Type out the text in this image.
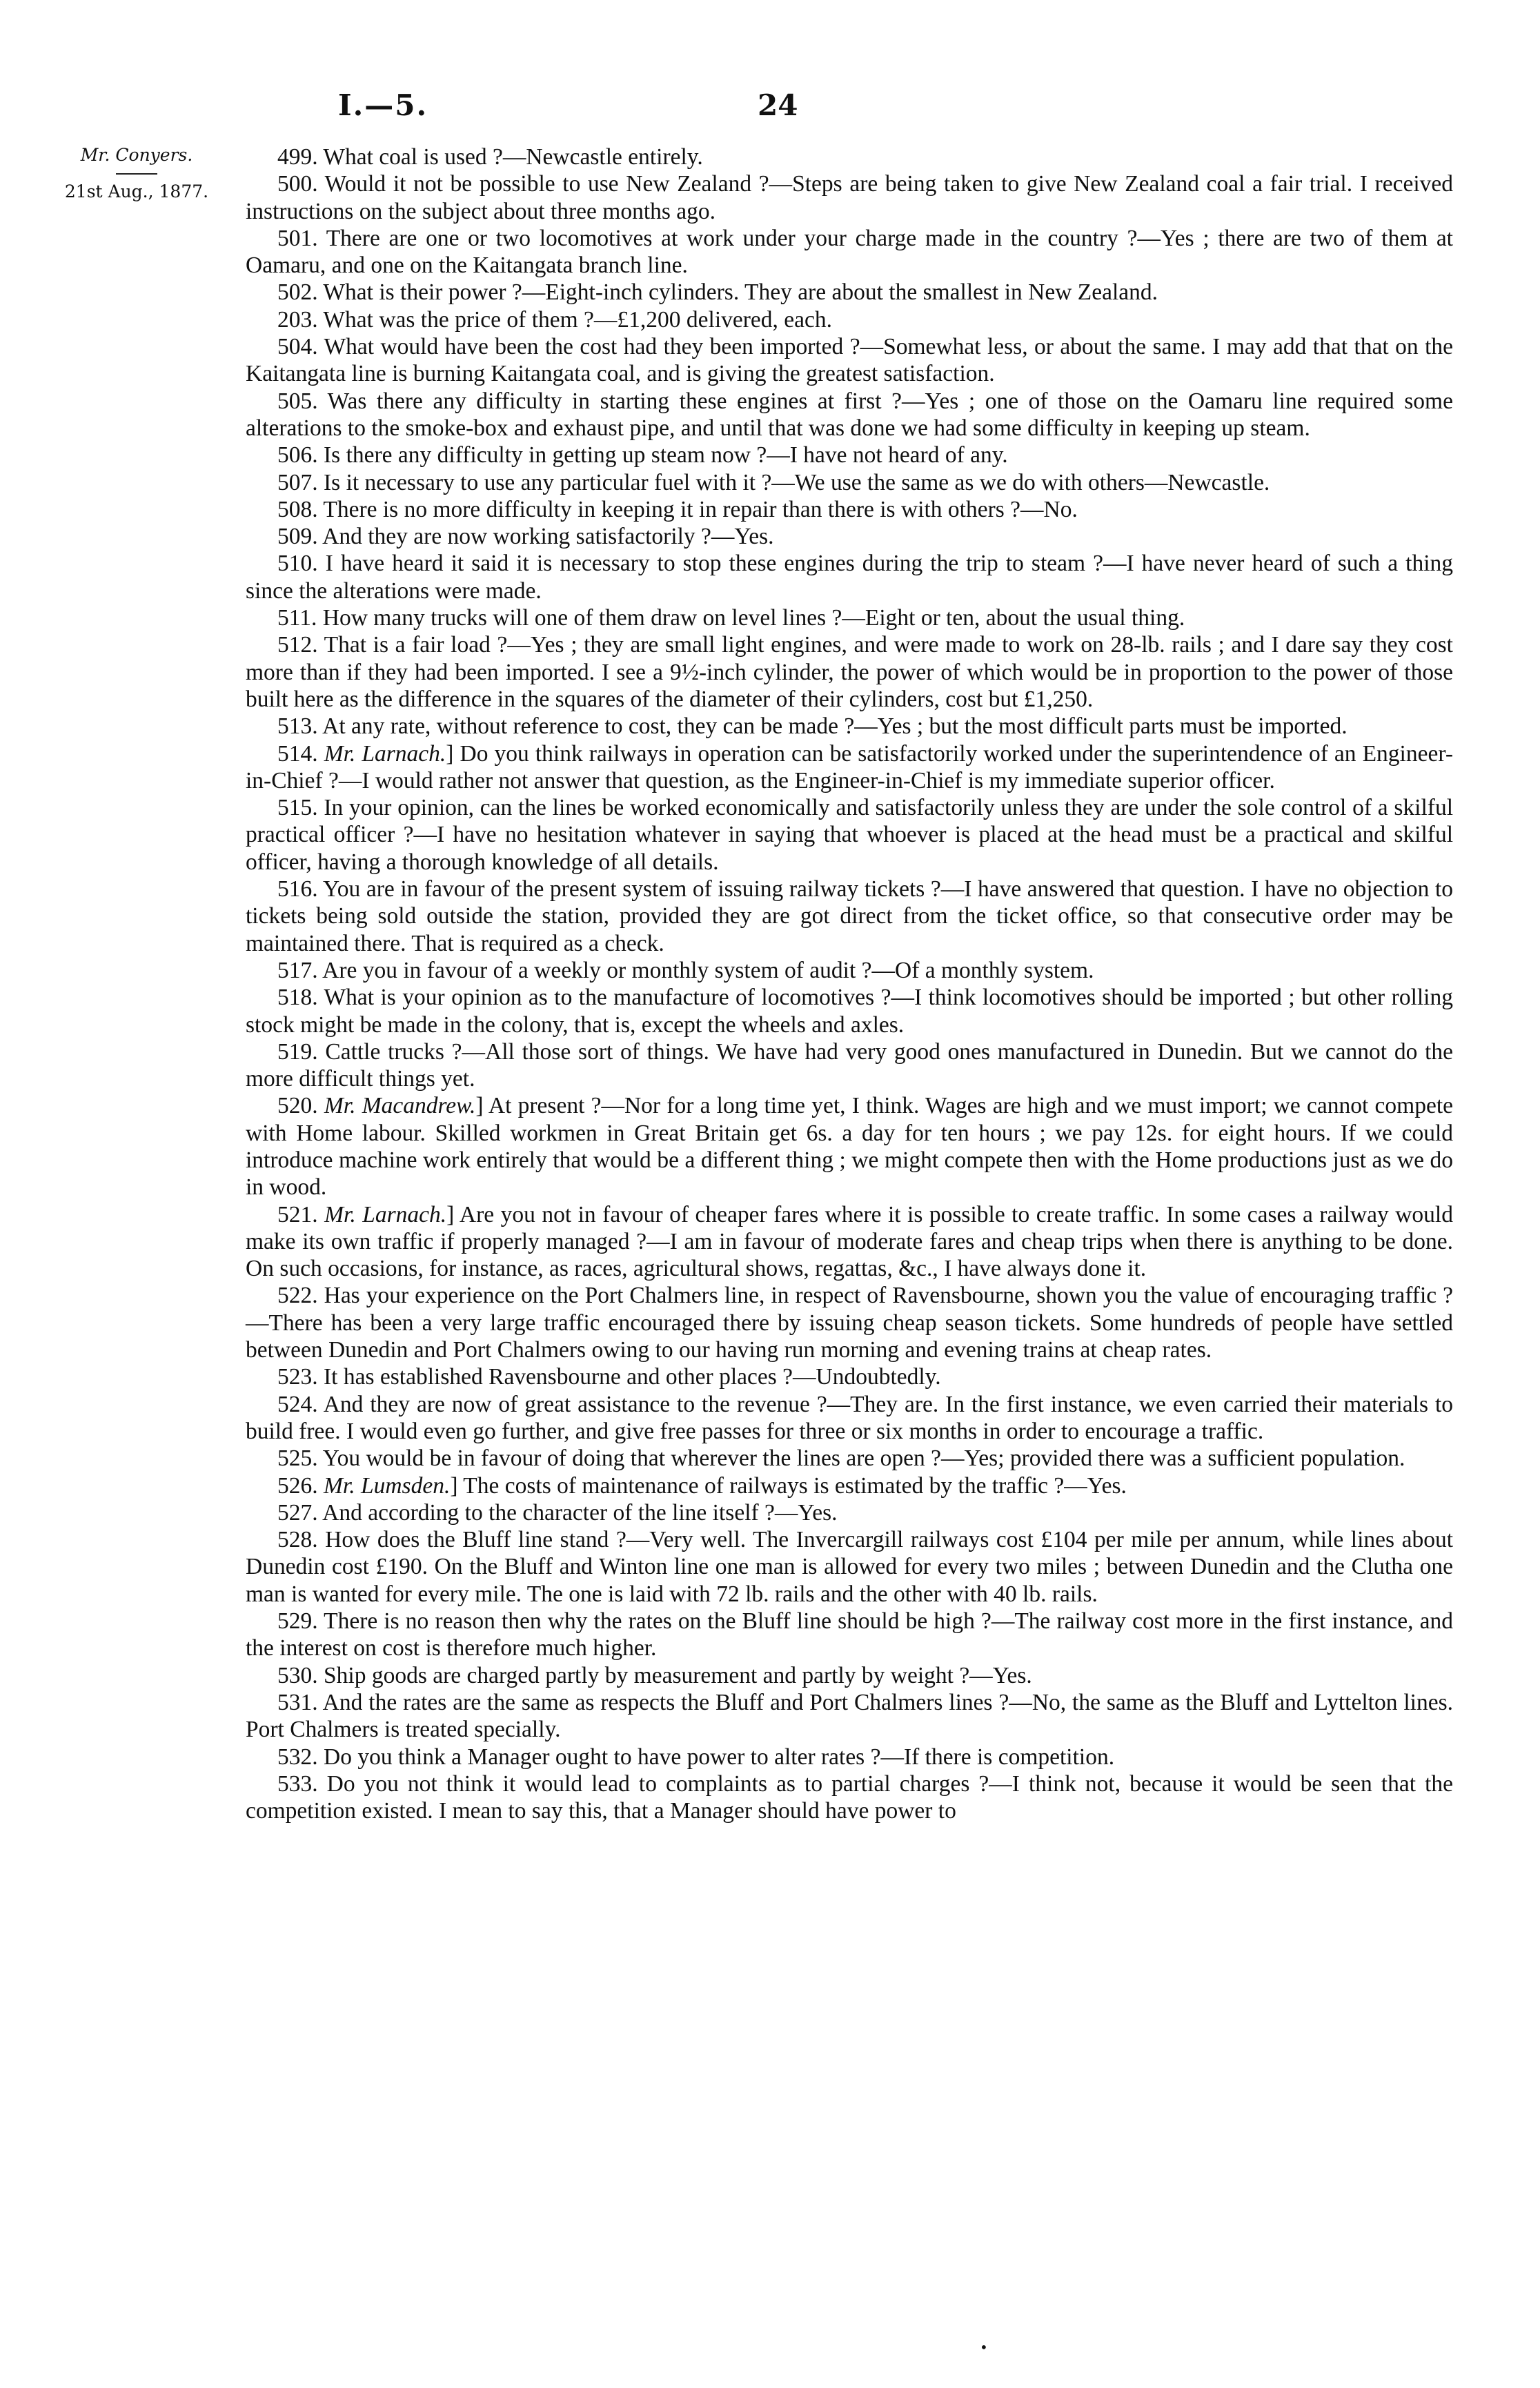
I.—5.	24
Mr. Conyers.
21st Aug., 1877.

499. What coal is used ?—Newcastle entirely.

500. Would it not be possible to use New Zealand ?—Steps are being taken to give New Zealand coal a fair trial. I received instructions on the subject about three months ago.

501. There are one or two locomotives at work under your charge made in the country ?—Yes ; there are two of them at Oamaru, and one on the Kaitangata branch line.

502. What is their power ?—Eight-inch cylinders. They are about the smallest in New Zealand.

203. What was the price of them ?—£1,200 delivered, each.

504. What would have been the cost had they been imported ?—Somewhat less, or about the same. I may add that that on the Kaitangata line is burning Kaitangata coal, and is giving the greatest satisfaction.

505. Was there any difficulty in starting these engines at first ?—Yes ; one of those on the Oamaru line required some alterations to the smoke-box and exhaust pipe, and until that was done we had some difficulty in keeping up steam.

506. Is there any difficulty in getting up steam now ?—I have not heard of any.

507. Is it necessary to use any particular fuel with it ?—We use the same as we do with others—Newcastle.

508. There is no more difficulty in keeping it in repair than there is with others ?—No.

509. And they are now working satisfactorily ?—Yes.

510. I have heard it said it is necessary to stop these engines during the trip to steam ?—I have never heard of such a thing since the alterations were made.

511. How many trucks will one of them draw on level lines ?—Eight or ten, about the usual thing.

512. That is a fair load ?—Yes ; they are small light engines, and were made to work on 28-lb. rails ; and I dare say they cost more than if they had been imported. I see a 9½-inch cylinder, the power of which would be in proportion to the power of those built here as the difference in the squares of the diameter of their cylinders, cost but £1,250.

513. At any rate, without reference to cost, they can be made ?—Yes ; but the most difficult parts must be imported.

514. Mr. Larnach.] Do you think railways in operation can be satisfactorily worked under the superintendence of an Engineer-in-Chief ?—I would rather not answer that question, as the Engineer-in-Chief is my immediate superior officer.

515. In your opinion, can the lines be worked economically and satisfactorily unless they are under the sole control of a skilful practical officer ?—I have no hesitation whatever in saying that whoever is placed at the head must be a practical and skilful officer, having a thorough knowledge of all details.

516. You are in favour of the present system of issuing railway tickets ?—I have answered that question. I have no objection to tickets being sold outside the station, provided they are got direct from the ticket office, so that consecutive order may be maintained there. That is required as a check.

517. Are you in favour of a weekly or monthly system of audit ?—Of a monthly system.

518. What is your opinion as to the manufacture of locomotives ?—I think locomotives should be imported ; but other rolling stock might be made in the colony, that is, except the wheels and axles.

519. Cattle trucks ?—All those sort of things. We have had very good ones manufactured in Dunedin. But we cannot do the more difficult things yet.

520. Mr. Macandrew.] At present ?—Nor for a long time yet, I think. Wages are high and we must import; we cannot compete with Home labour. Skilled workmen in Great Britain get 6s. a day for ten hours ; we pay 12s. for eight hours. If we could introduce machine work entirely that would be a different thing ; we might compete then with the Home productions just as we do in wood.

521. Mr. Larnach.] Are you not in favour of cheaper fares where it is possible to create traffic. In some cases a railway would make its own traffic if properly managed ?—I am in favour of moderate fares and cheap trips when there is anything to be done. On such occasions, for instance, as races, agricultural shows, regattas, &c., I have always done it.

522. Has your experience on the Port Chalmers line, in respect of Ravensbourne, shown you the value of encouraging traffic ?—There has been a very large traffic encouraged there by issuing cheap season tickets. Some hundreds of people have settled between Dunedin and Port Chalmers owing to our having run morning and evening trains at cheap rates.

523. It has established Ravensbourne and other places ?—Undoubtedly.

524. And they are now of great assistance to the revenue ?—They are. In the first instance, we even carried their materials to build free. I would even go further, and give free passes for three or six months in order to encourage a traffic.

525. You would be in favour of doing that wherever the lines are open ?—Yes; provided there was a sufficient population.

526. Mr. Lumsden.] The costs of maintenance of railways is estimated by the traffic ?—Yes.

527. And according to the character of the line itself ?—Yes.

528. How does the Bluff line stand ?—Very well. The Invercargill railways cost £104 per mile per annum, while lines about Dunedin cost £190. On the Bluff and Winton line one man is allowed for every two miles ; between Dunedin and the Clutha one man is wanted for every mile. The one is laid with 72 lb. rails and the other with 40 lb. rails.

529. There is no reason then why the rates on the Bluff line should be high ?—The railway cost more in the first instance, and the interest on cost is therefore much higher.

530. Ship goods are charged partly by measurement and partly by weight ?—Yes.

531. And the rates are the same as respects the Bluff and Port Chalmers lines ?—No, the same as the Bluff and Lyttelton lines. Port Chalmers is treated specially.

532. Do you think a Manager ought to have power to alter rates ?—If there is competition.

533. Do you not think it would lead to complaints as to partial charges ?—I think not, because it would be seen that the competition existed. I mean to say this, that a Manager should have power to

•
